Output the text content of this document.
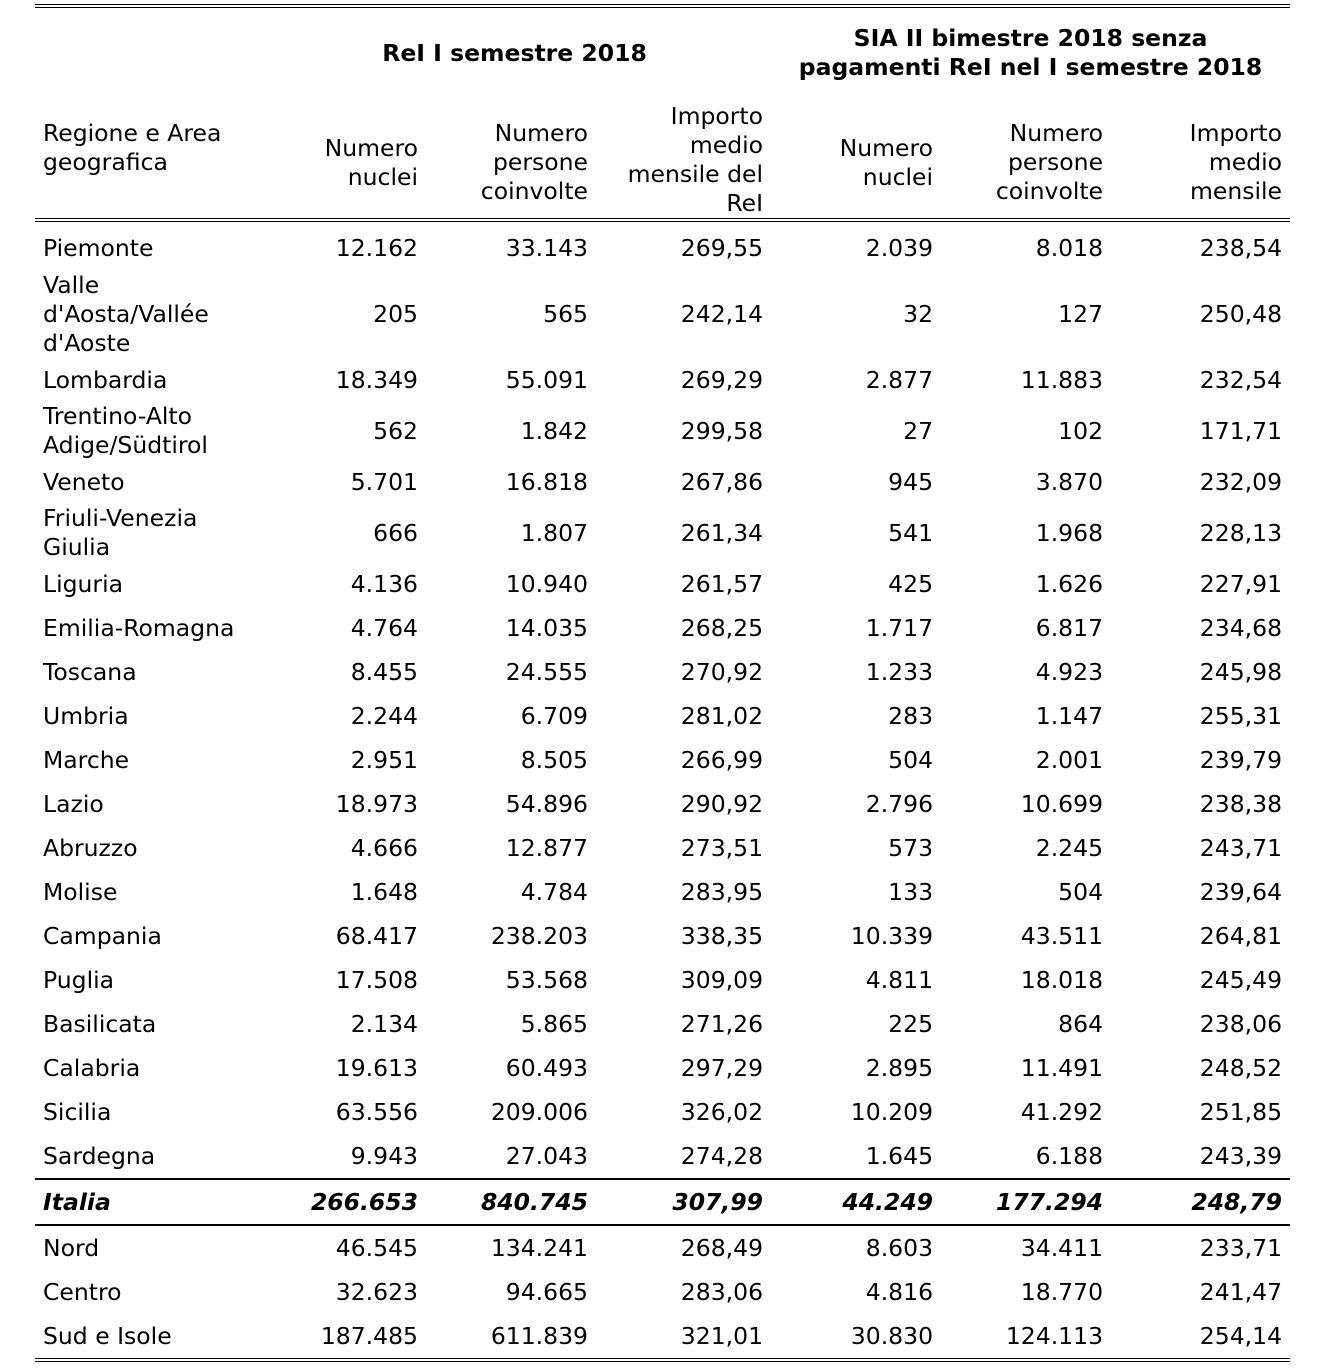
Regione e Area geografica	ReI I semestre 2018			SIA II bimestre 2018 senza pagamenti ReI nel I semestre 2018		
	Numero nuclei	Numero persone coinvolte	Importo medio mensile del ReI	Numero nuclei	Numero persone coinvolte	Importo medio mensile
Piemonte	12.162	33.143	269,55	2.039	8.018	238,54
Valle d'Aosta/Vallée d'Aoste	205	565	242,14	32	127	250,48
Lombardia	18.349	55.091	269,29	2.877	11.883	232,54
Trentino-Alto Adige/Südtirol	562	1.842	299,58	27	102	171,71
Veneto	5.701	16.818	267,86	945	3.870	232,09
Friuli-Venezia Giulia	666	1.807	261,34	541	1.968	228,13
Liguria	4.136	10.940	261,57	425	1.626	227,91
Emilia-Romagna	4.764	14.035	268,25	1.717	6.817	234,68
Toscana	8.455	24.555	270,92	1.233	4.923	245,98
Umbria	2.244	6.709	281,02	283	1.147	255,31
Marche	2.951	8.505	266,99	504	2.001	239,79
Lazio	18.973	54.896	290,92	2.796	10.699	238,38
Abruzzo	4.666	12.877	273,51	573	2.245	243,71
Molise	1.648	4.784	283,95	133	504	239,64
Campania	68.417	238.203	338,35	10.339	43.511	264,81
Puglia	17.508	53.568	309,09	4.811	18.018	245,49
Basilicata	2.134	5.865	271,26	225	864	238,06
Calabria	19.613	60.493	297,29	2.895	11.491	248,52
Sicilia	63.556	209.006	326,02	10.209	41.292	251,85
Sardegna	9.943	27.043	274,28	1.645	6.188	243,39
Italia	266.653	840.745	307,99	44.249	177.294	248,79
Nord	46.545	134.241	268,49	8.603	34.411	233,71
Centro	32.623	94.665	283,06	4.816	18.770	241,47
Sud e Isole	187.485	611.839	321,01	30.830	124.113	254,14
